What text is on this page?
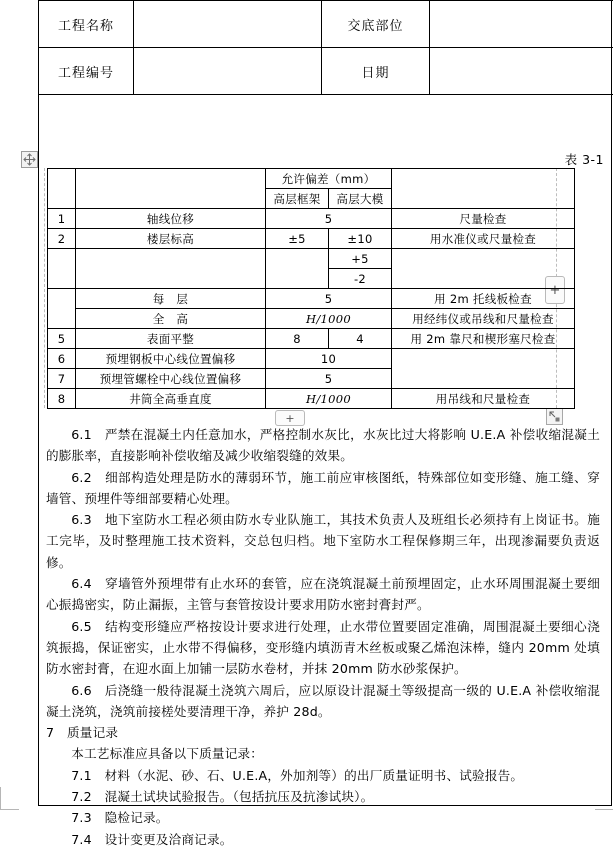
工程名称		交底部位	
工程编号		日期	
表 3-1
+
+
		允许偏差（mm）		
		高层框架	高层大模	
1	轴线位移	5		尺量检查
2	楼层标高	±5	±10	用水准仪或尺量检查
			+5	
			-2	
	每　层	5		用 2m 托线板检查
	全　高	H/1000		用经纬仪或吊线和尺量检查
5	表面平整	8	4	用 2m 靠尺和楔形塞尺检查
6	预埋钢板中心线位置偏移	10		
7	预埋管螺栓中心线位置偏移	5		
8	井筒全高垂直度	H/1000		用吊线和尺量检查

6.1　严禁在混凝土内任意加水，严格控制水灰比，水灰比过大将影响 U.E.A 补偿收缩混凝土的膨胀率，直接影响补偿收缩及减少收缩裂缝的效果。

6.2　细部构造处理是防水的薄弱环节，施工前应审核图纸，特殊部位如变形缝、施工缝、穿墙管、预埋件等细部要精心处理。

6.3　地下室防水工程必须由防水专业队施工，其技术负责人及班组长必须持有上岗证书。施工完毕，及时整理施工技术资料，交总包归档。地下室防水工程保修期三年，出现渗漏要负责返修。

6.4　穿墙管外预埋带有止水环的套管，应在浇筑混凝土前预埋固定，止水环周围混凝土要细心振捣密实，防止漏振，主管与套管按设计要求用防水密封膏封严。

6.5　结构变形缝应严格按设计要求进行处理，止水带位置要固定准确，周围混凝土要细心浇筑振捣，保证密实，止水带不得偏移，变形缝内填沥青木丝板或聚乙烯泡沫棒，缝内 20mm 处填防水密封膏，在迎水面上加铺一层防水卷材，并抹 20mm 防水砂浆保护。

6.6　后浇缝一般待混凝土浇筑六周后，应以原设计混凝土等级提高一级的 U.E.A 补偿收缩混凝土浇筑，浇筑前接槎处要清理干净，养护 28d。

7　质量记录

本工艺标准应具备以下质量记录：

7.1　材料（水泥、砂、石、U.E.A，外加剂等）的出厂质量证明书、试验报告。

7.2　混凝土试块试验报告。（包括抗压及抗渗试块）。

7.3　隐检记录。

7.4　设计变更及洽商记录。
